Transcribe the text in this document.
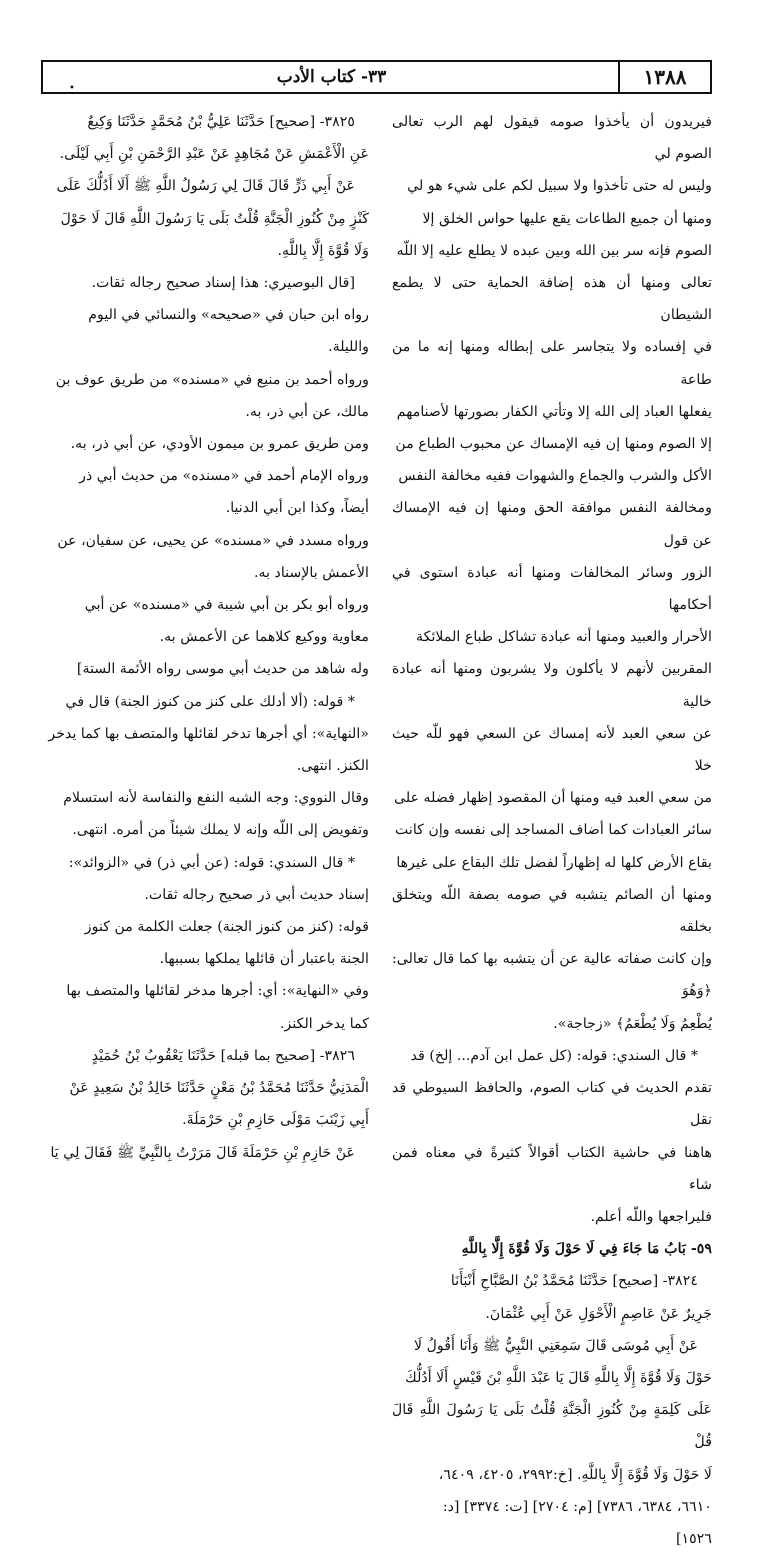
١٣٨٨
٣٣- كتاب الأدب
•

فيريدون أن يأخذوا صومه فيقول لهم الرب تعالى الصوم لي

وليس له حتى تأخذوا ولا سبيل لكم على شيء هو لي

ومنها أن جميع الطاعات يقع عليها حواس الخلق إلا

الصوم فإنه سر بين الله وبين عبده لا يطلع عليه إلا اللّه

تعالى ومنها أن هذه إضافة الحماية حتى لا يطمع الشيطان

في إفساده ولا يتجاسر على إبطاله ومنها إنه ما من طاعة

يفعلها العباد إلى الله إلا وتأتي الكفار بصورتها لأصنامهم

إلا الصوم ومنها إن فيه الإمساك عن محبوب الطباع من

الأكل والشرب والجماع والشهوات ففيه مخالفة النفس

ومخالفة النفس موافقة الحق ومنها إن فيه الإمساك عن قول

الزور وسائر المخالفات ومنها أنه عبادة استوى في أحكامها

الأحرار والعبيد ومنها أنه عبادة تشاكل طباع الملائكة

المقربين لأنهم لا يأكلون ولا يشربون ومنها أنه عبادة خالية

عن سعي العبد لأنه إمساك عن السعي فهو للّه حيث خلا

من سعي العبد فيه ومنها أن المقصود إظهار فضله على

سائر العبادات كما أضاف المساجد إلى نفسه وإن كانت

بقاع الأرض كلها له إظهاراً لفضل تلك البقاع على غيرها

ومنها أن الصائم يتشبه في صومه بصفة اللّه ويتخلق بخلقه

وإن كانت صفاته عالية عن أن يتشبه بها كما قال تعالى: ﴿وَهُوَ

يُطْعِمُ وَلَا يُطْعَمُ﴾ «زجاجة».

* قال السندي: قوله: (كل عمل ابن آدم... إلخ) قد

تقدم الحديث في كتاب الصوم، والحافظ السيوطي قد نقل

هاهنا في حاشية الكتاب أقوالاً كثيرةً في معناه فمن شاء

فليراجعها واللّه أعلم.

٥٩- بَابُ مَا جَاءَ فِي لَا حَوْلَ وَلَا قُوَّةَ إِلَّا بِاللَّهِ

٣٨٢٤- [صحيح] حَدَّثَنَا مُحَمَّدُ بْنُ الصَّبَّاحِ أَنْبَأَنَا

جَرِيرٌ عَنْ عَاصِمٍ الْأَحْوَلِ عَنْ أَبِي عُثْمَانَ.

عَنْ أَبِي مُوسَى قَالَ سَمِعَنِي النَّبِيُّ ﷺ وَأَنَا أَقُولُ لَا

حَوْلَ وَلَا قُوَّةَ إِلَّا بِاللَّهِ قَالَ يَا عَبْدَ اللَّهِ بْنَ قَيْسٍ أَلَا أَدُلُّكَ

عَلَى كَلِمَةٍ مِنْ كُنُوزِ الْجَنَّةِ قُلْتُ بَلَى يَا رَسُولَ اللَّهِ قَالَ قُلْ

لَا حَوْلَ وَلَا قُوَّةَ إِلَّا بِاللَّهِ. [خ:٢٩٩٢، ٤٢٠٥، ٦٤٠٩،

٦٦١٠، ٦٣٨٤، ٧٣٨٦] [م: ٢٧٠٤] [ت: ٣٣٧٤] [د:

١٥٢٦]

٣٨٢٥- [صحيح] حَدَّثَنَا عَلِيُّ بْنُ مُحَمَّدٍ حَدَّثَنَا وَكِيعٌ

عَنِ الْأَعْمَشِ عَنْ مُجَاهِدٍ عَنْ عَبْدِ الرَّحْمَنِ بْنِ أَبِي لَيْلَى.

عَنْ أَبِي ذَرٍّ قَالَ قَالَ لِي رَسُولُ اللَّهِ ﷺ أَلَا أَدُلُّكَ عَلَى

كَنْزٍ مِنْ كُنُوزِ الْجَنَّةِ قُلْتُ بَلَى يَا رَسُولَ اللَّهِ قَالَ لَا حَوْلَ

وَلَا قُوَّةَ إِلَّا بِاللَّهِ.

[قال البوصيري: هذا إسناد صحيح رجاله ثقات.

رواه ابن حبان في «صحيحه» والنسائي في اليوم

والليلة.

ورواه أحمد بن منيع في «مسنده» من طريق عوف بن

مالك، عن أبي ذر، به.

ومن طريق عمرو بن ميمون الأودي، عن أبي ذر، به.

ورواه الإمام أحمد في «مسنده» من حديث أبي ذر

أيضاً، وكذا ابن أبي الدنيا.

ورواه مسدد في «مسنده» عن يحيى، عن سفيان، عن

الأعمش بالإسناد به.

ورواه أبو بكر بن أبي شيبة في «مسنده» عن أبي

معاوية ووكيع كلاهما عن الأعمش به.

وله شاهد من حديث أبي موسى رواه الأئمة الستة]

* قوله: (ألا أدلك على كنز من كنوز الجنة) قال في

«النهاية»: أي أجرها تدخر لقائلها والمتصف بها كما يدخر

الكنز. انتهى.

وقال النووي: وجه الشبه النفع والنفاسة لأنه استسلام

وتفويض إلى اللّه وإنه لا يملك شيئاً من أمره. انتهى.

* قال السندي: قوله: (عن أبي ذر) في «الزوائد»:

إسناد حديث أبي ذر صحيح رجاله ثقات.

قوله: (كنز من كنوز الجنة) جعلت الكلمة من كنوز

الجنة باعتبار أن قائلها يملكها بسببها.

وفي «النهاية»: أي: أجرها مدخر لقائلها والمتصف بها

كما يدخر الكنز.

٣٨٢٦- [صحيح بما قبله] حَدَّثَنَا يَعْقُوبُ بْنُ حُمَيْدٍ

الْمَدَنِيُّ حَدَّثَنَا مُحَمَّدُ بْنُ مَعْنٍ حَدَّثَنَا خَالِدُ بْنُ سَعِيدٍ عَنْ

أَبِي زَيْنَبَ مَوْلَى حَازِمِ بْنِ حَرْمَلَةَ.

عَنْ حَازِمِ بْنِ حَرْمَلَةَ قَالَ مَرَرْتُ بِالنَّبِيِّ ﷺ فَقَالَ لِي يَا
